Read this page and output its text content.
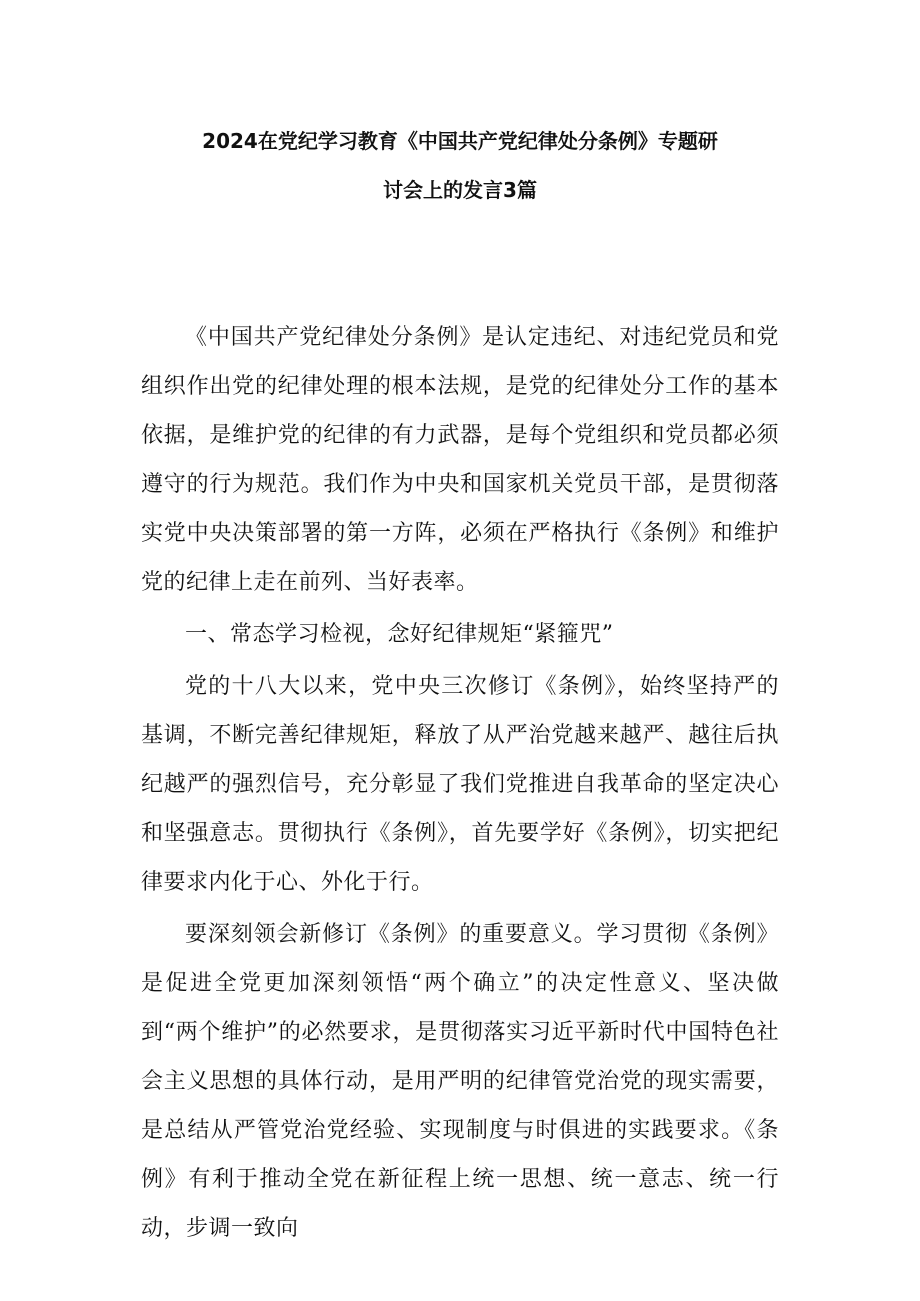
2024在党纪学习教育《中国共产党纪律处分条例》专题研
讨会上的发言3篇

《中国共产党纪律处分条例》是认定违纪、对违纪党员和党组织作出党的纪律处理的根本法规，是党的纪律处分工作的基本依据，是维护党的纪律的有力武器，是每个党组织和党员都必须遵守的行为规范。我们作为中央和国家机关党员干部，是贯彻落实党中央决策部署的第一方阵，必须在严格执行《条例》和维护党的纪律上走在前列、当好表率。

一、常态学习检视，念好纪律规矩“紧箍咒”

党的十八大以来，党中央三次修订《条例》，始终坚持严的基调，不断完善纪律规矩，释放了从严治党越来越严、越往后执纪越严的强烈信号，充分彰显了我们党推进自我革命的坚定决心和坚强意志。贯彻执行《条例》，首先要学好《条例》，切实把纪律要求内化于心、外化于行。

要深刻领会新修订《条例》的重要意义。学习贯彻《条例》是促进全党更加深刻领悟“两个确立”的决定性意义、坚决做到“两个维护”的必然要求，是贯彻落实习近平新时代中国特色社会主义思想的具体行动，是用严明的纪律管党治党的现实需要，是总结从严管党治党经验、实现制度与时俱进的实践要求。《条例》有利于推动全党在新征程上统一思想、统一意志、统一行动，步调一致向
